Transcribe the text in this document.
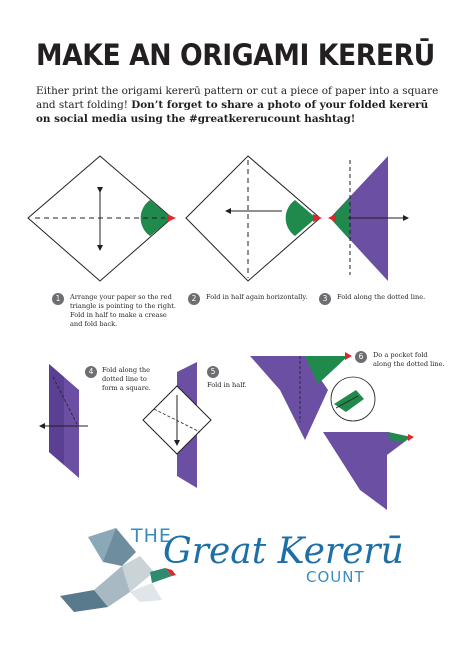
MAKE AN ORIGAMI KERERŪ
Either print the origami kererū pattern or cut a piece of paper into a square and start folding! Don’t forget to share a photo of your folded kererū on social media using the #greatkererucount hashtag!
1	Arrange your paper so the red triangle is pointing to the right. Fold in half to make a crease and fold back.
2	Fold in half again horizontally.	3	Fold along the dotted line.
4	Fold along the dotted line to form a square.
5
Fold in half.
6	Do a pocket fold along the dotted line.
THE
Great Kererū
COUNT
